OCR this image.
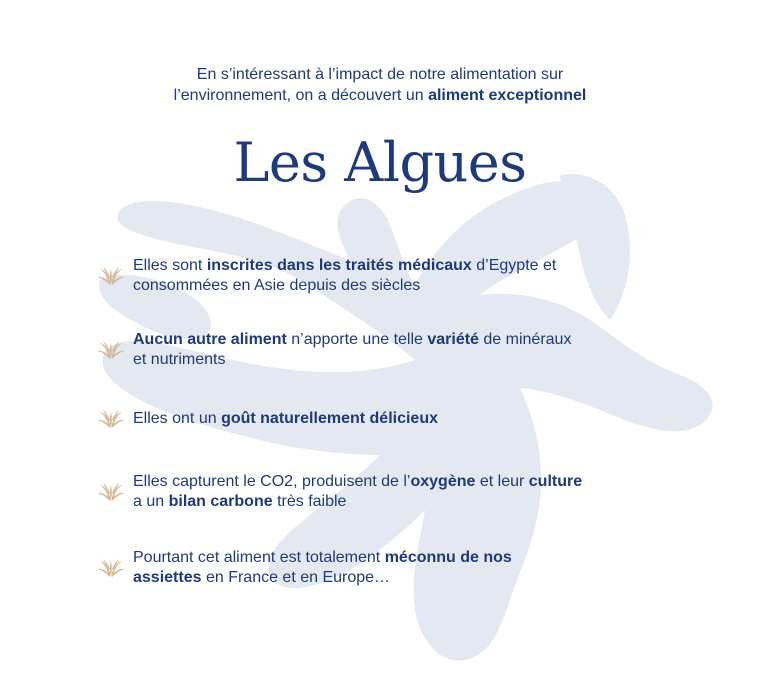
En s’intéressant à l’impact de notre alimentation sur
l’environnement, on a découvert un aliment exceptionnel
Les Algues
Elles sont inscrites dans les traités médicaux d’Egypte et
consommées en Asie depuis des siècles
Aucun autre aliment n’apporte une telle variété de minéraux
et nutriments
Elles ont un goût naturellement délicieux
Elles capturent le CO2, produisent de l’oxygène et leur culture
a un bilan carbone très faible
Pourtant cet aliment est totalement méconnu de nos
assiettes en France et en Europe…
